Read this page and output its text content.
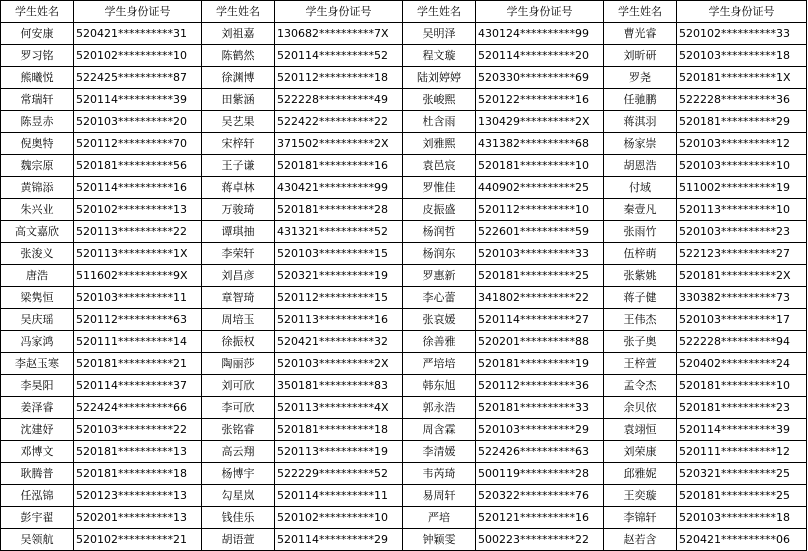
学生姓名	学生身份证号	学生姓名	学生身份证号	学生姓名	学生身份证号	学生姓名	学生身份证号
何安康	520421**********31	刘祖嘉	130682**********7X	吴明泽	430124**********99	曹光睿	520102**********33
罗习铭	520102**********10	陈鹤然	520114**********52	程文璇	520114**********20	刘昕研	520103**********18
熊曦悦	522425**********87	徐渊博	520112**********18	陆刘婷婷	520330**********69	罗尧	520181**********1X
常瑞轩	520114**********39	田紫涵	522228**********49	张峻熙	520122**********16	任驰鹏	522228**********36
陈昱赤	520103**********20	吴艺果	522422**********22	杜含雨	130429**********2X	蒋淇羽	520181**********29
倪奥特	520112**********70	宋梓轩	371502**********2X	刘雅熙	431382**********68	杨家崇	520103**********12
魏宗原	520181**********56	王子谦	520181**********16	袁邑宸	520181**********10	胡恩浩	520103**********10
黄锦添	520114**********16	蒋卓林	430421**********99	罗惟佳	440902**********25	付域	511002**********19
朱兴业	520102**********13	万骏琦	520181**********28	皮振盛	520112**********10	秦壹凡	520113**********10
高文嘉欣	520113**********22	谭琪抽	431321**********52	杨润哲	522601**********59	张雨竹	520103**********23
张浚义	520113**********1X	李荣轩	520103**********15	杨润东	520103**********33	伍梓萌	522123**********27
唐浩	511602**********9X	刘昌彦	520321**********19	罗惠新	520181**********25	张紫姚	520181**********2X
梁隽恒	520103**********11	章智琦	520112**********15	李心蕾	341802**********22	蒋子健	330382**********73
吴庆瑶	520112**********63	周培玉	520113**********16	张哀媛	520114**********27	王伟杰	520103**********17
冯家鸿	520111**********14	徐振权	520421**********32	徐善雅	520201**********88	张子奥	522228**********94
李赵玉寒	520181**********21	陶丽莎	520103**********2X	严培培	520181**********19	王梓萱	520402**********24
李昊阳	520114**********37	刘可欣	350181**********83	韩东旭	520112**********36	孟令杰	520181**********10
姜泽睿	522424**********66	李可欣	520113**********4X	郭永浩	520181**********33	余贝依	520181**********23
沈建妤	520103**********22	张铭睿	520181**********18	周含霖	520103**********29	袁翊恒	520114**********39
邓博文	520181**********13	高云翔	520113**********19	李清媛	522426**********63	刘荣康	520111**********12
耿腾普	520181**********18	杨博宇	522229**********52	韦芮琦	500119**********28	邱雅妮	520321**********25
任泓锦	520123**********13	勾星岚	520114**********11	易周轩	520322**********76	王奕璇	520181**********25
彭宇翟	520201**********13	钱佳乐	520102**********10	严培	520121**********16	李锦轩	520103**********18
吴领航	520102**********21	胡语萱	520114**********29	钟颖雯	500223**********22	赵若含	520421**********06
